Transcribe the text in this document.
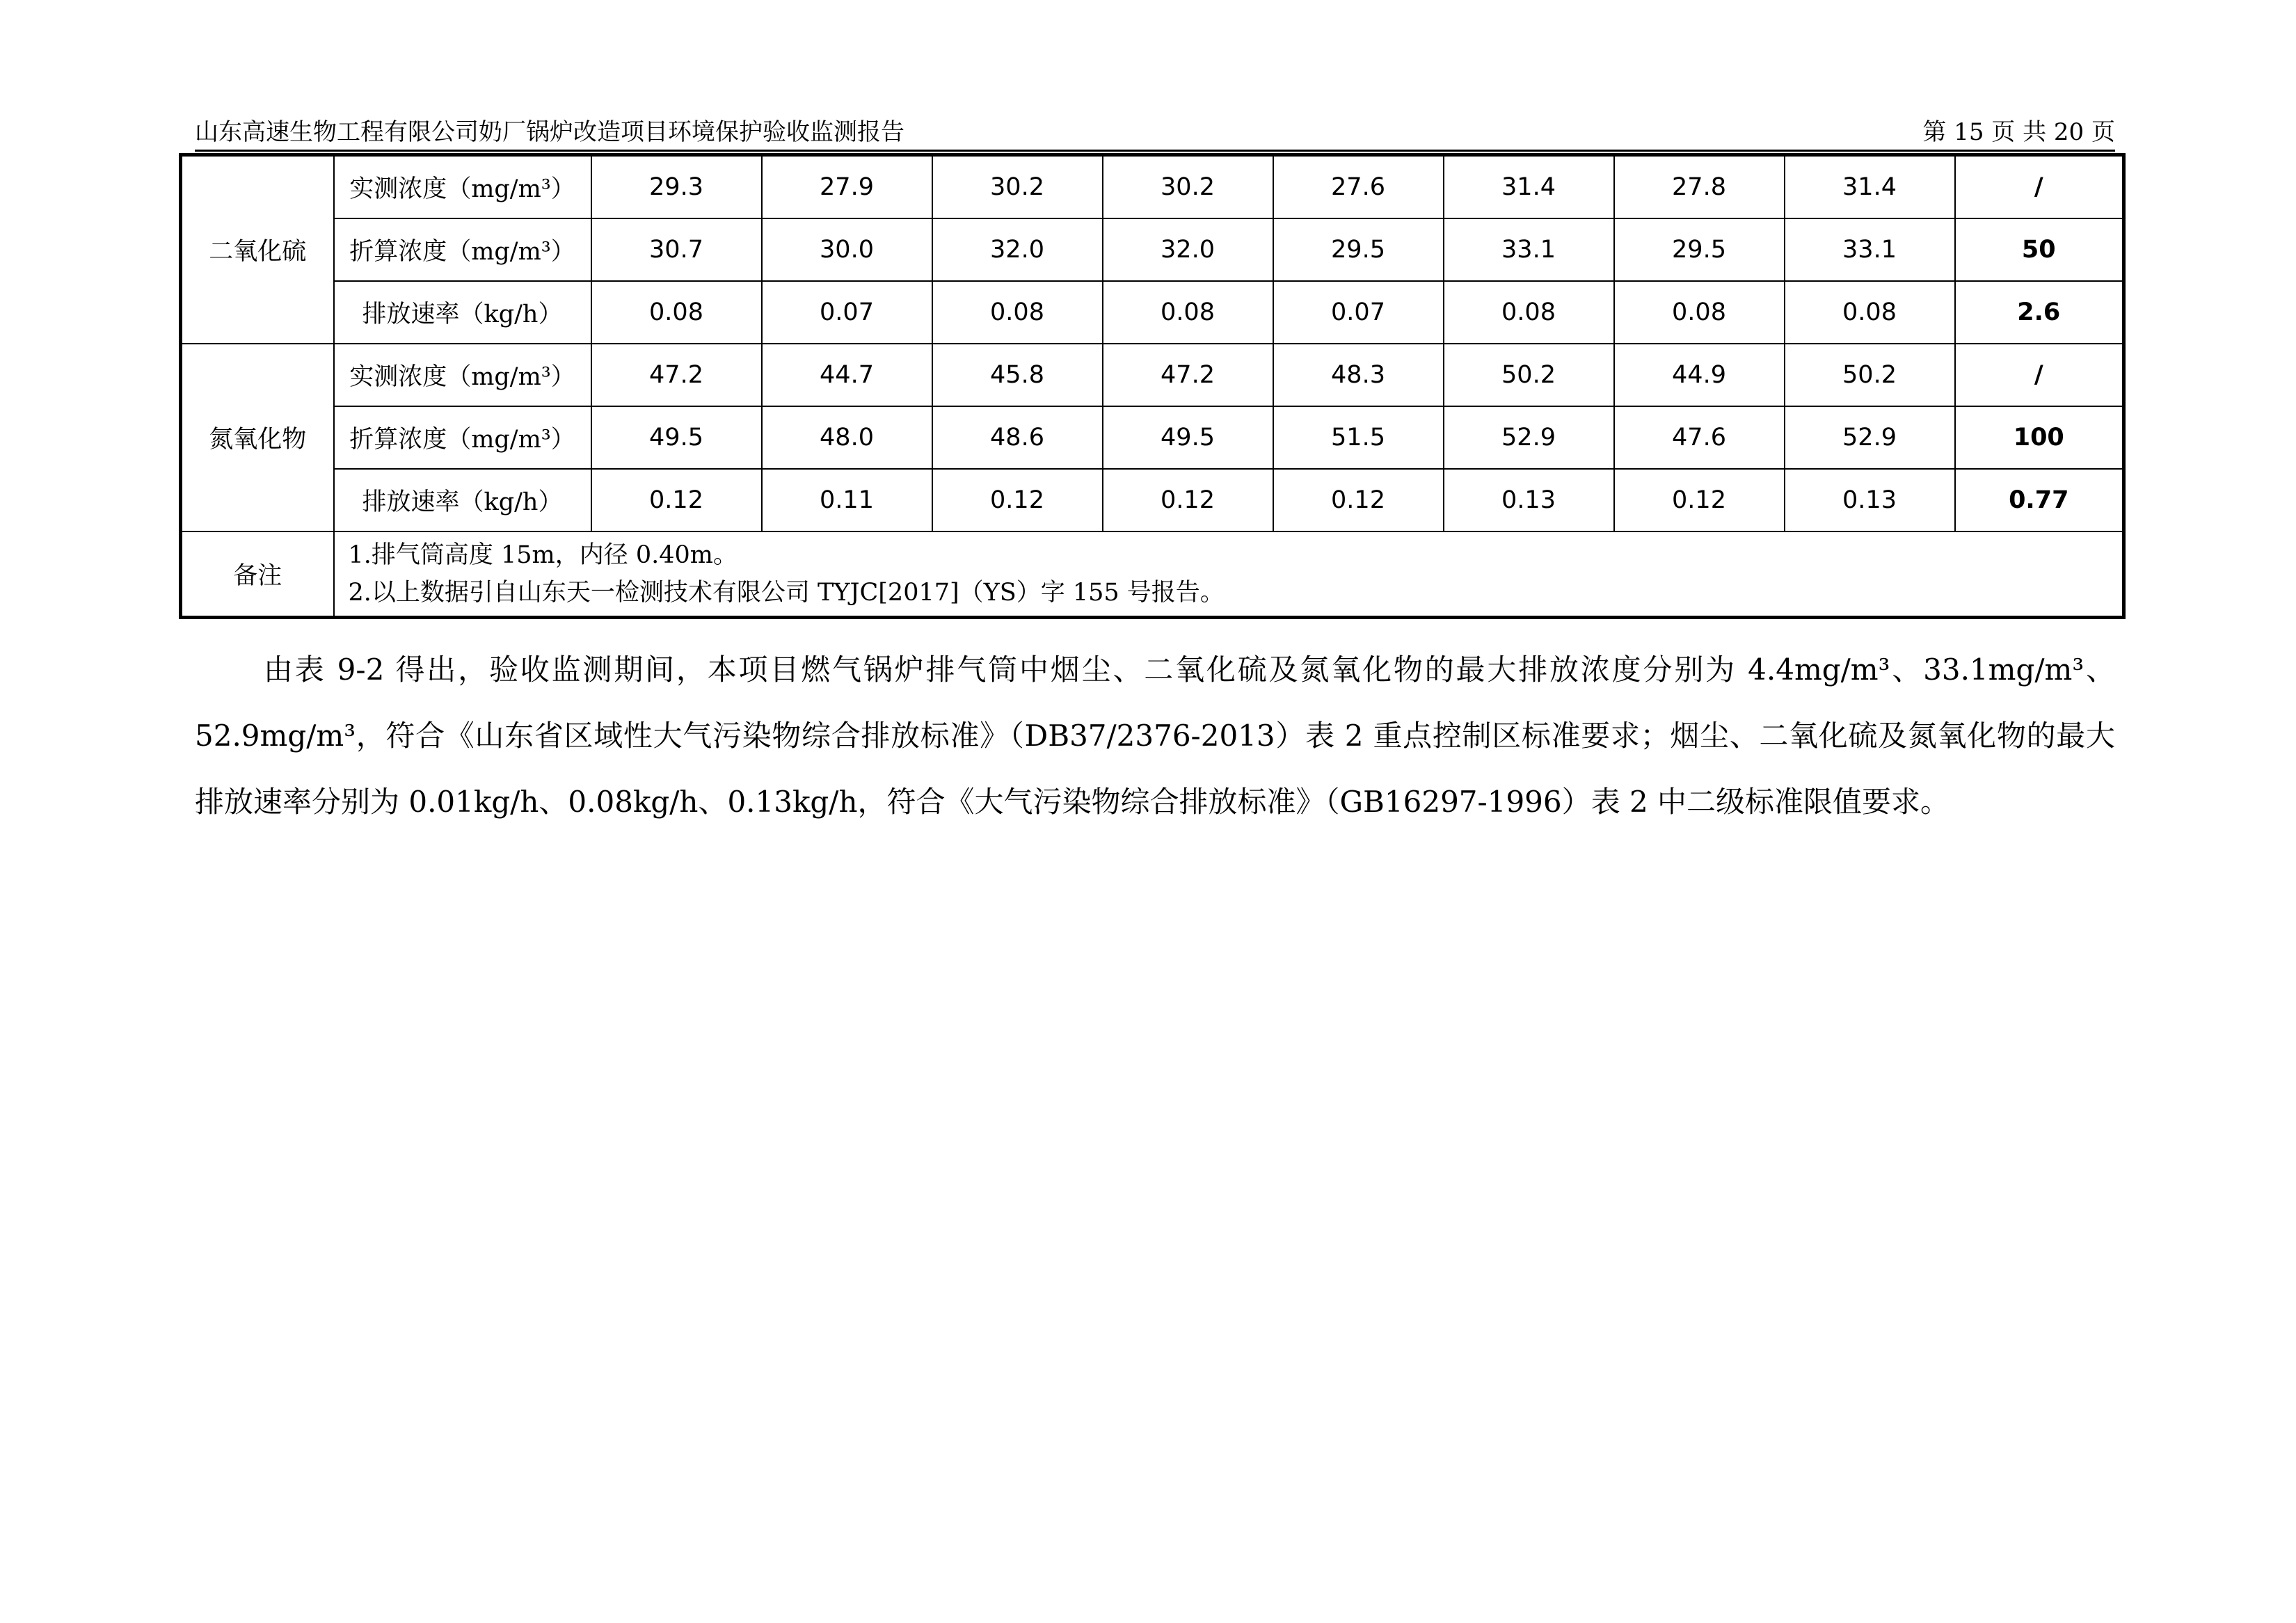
山东高速生物工程有限公司奶厂锅炉改造项目环境保护验收监测报告	第 15 页 共 20 页
二氧化硫	实测浓度（mg/m³）	29.3	27.9	30.2	30.2	27.6	31.4	27.8	31.4	/
	折算浓度（mg/m³）	30.7	30.0	32.0	32.0	29.5	33.1	29.5	33.1	50
	排放速率（kg/h）	0.08	0.07	0.08	0.08	0.07	0.08	0.08	0.08	2.6
氮氧化物	实测浓度（mg/m³）	47.2	44.7	45.8	47.2	48.3	50.2	44.9	50.2	/
	折算浓度（mg/m³）	49.5	48.0	48.6	49.5	51.5	52.9	47.6	52.9	100
	排放速率（kg/h）	0.12	0.11	0.12	0.12	0.12	0.13	0.12	0.13	0.77
备注	1.排气筒高度 15m，内径 0.40m。
2.以上数据引自山东天一检测技术有限公司 TYJC[2017]（YS）字 155 号报告。									
由表 9-2 得出，验收监测期间，本项目燃气锅炉排气筒中烟尘、二氧化硫及氮氧化物的最大排放浓度分别为 4.4mg/m³、33.1mg/m³、52.9mg/m³，符合《山东省区域性大气污染物综合排放标准》（DB37/2376-2013）表 2 重点控制区标准要求；烟尘、二氧化硫及氮氧化物的最大排放速率分别为 0.01kg/h、0.08kg/h、0.13kg/h，符合《大气污染物综合排放标准》（GB16297-1996）表 2 中二级标准限值要求。
